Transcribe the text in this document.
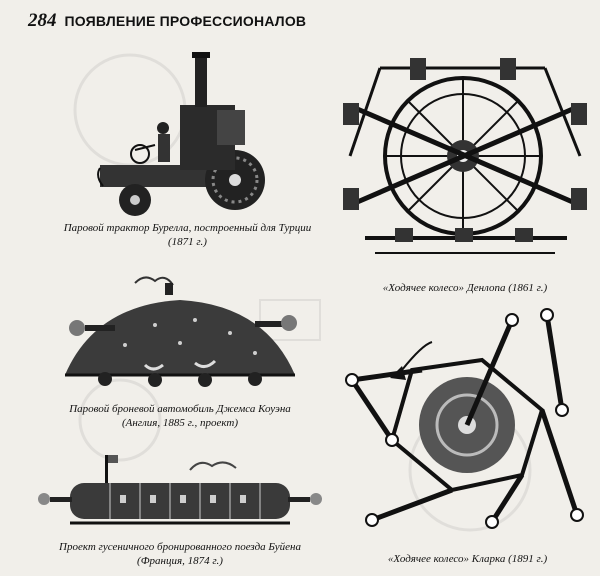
284 ПОЯВЛЕНИЕ ПРОФЕССИОНАЛОВ
Паровой трактор Бурелла, построенный для Турции
(1871 г.)
«Ходячее колесо» Денлопа (1861 г.)
Паровой броневой автомобиль Джемса Коуэна
(Англия, 1885 г., проект)
Проект гусеничного бронированного поезда Буйена
(Франция, 1874 г.)	«Ходячее колесо» Кларка (1891 г.)
